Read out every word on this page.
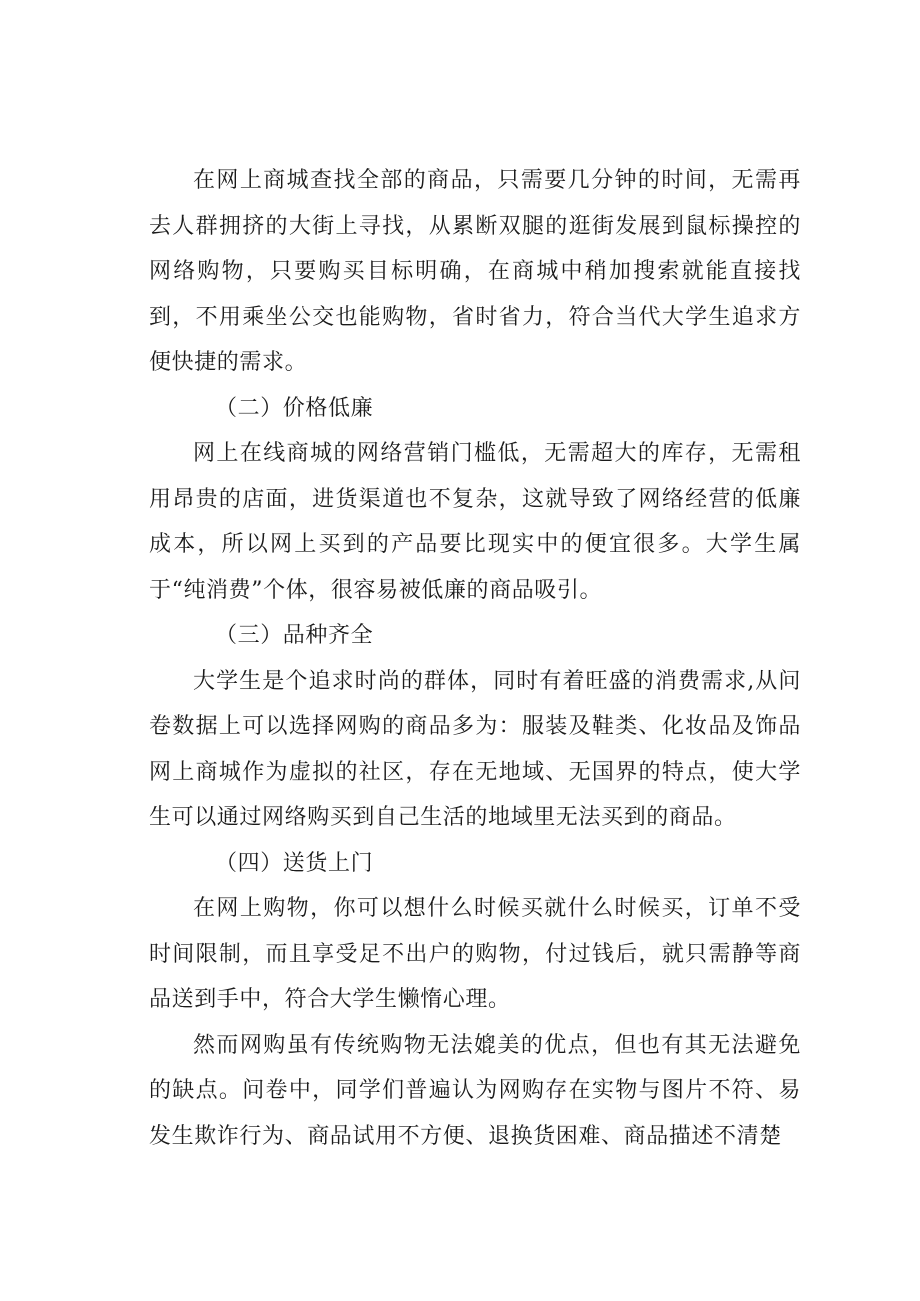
在网上商城查找全部的商品，只需要几分钟的时间，无需再去人群拥挤的大街上寻找，从累断双腿的逛街发展到鼠标操控的网络购物，只要购买目标明确，在商城中稍加搜索就能直接找到，不用乘坐公交也能购物，省时省力，符合当代大学生追求方便快捷的需求。

（二）价格低廉

网上在线商城的网络营销门槛低，无需超大的库存，无需租用昂贵的店面，进货渠道也不复杂，这就导致了网络经营的低廉成本，所以网上买到的产品要比现实中的便宜很多。大学生属于“纯消费”个体，很容易被低廉的商品吸引。

（三）品种齐全

大学生是个追求时尚的群体，同时有着旺盛的消费需求,从问卷数据上可以选择网购的商品多为：服装及鞋类、化妆品及饰品网上商城作为虚拟的社区，存在无地域、无国界的特点，使大学生可以通过网络购买到自己生活的地域里无法买到的商品。

（四）送货上门

在网上购物，你可以想什么时候买就什么时候买，订单不受时间限制，而且享受足不出户的购物，付过钱后，就只需静等商品送到手中，符合大学生懒惰心理。

然而网购虽有传统购物无法媲美的优点，但也有其无法避免的缺点。问卷中，同学们普遍认为网购存在实物与图片不符、易发生欺诈行为、商品试用不方便、退换货困难、商品描述不清楚
